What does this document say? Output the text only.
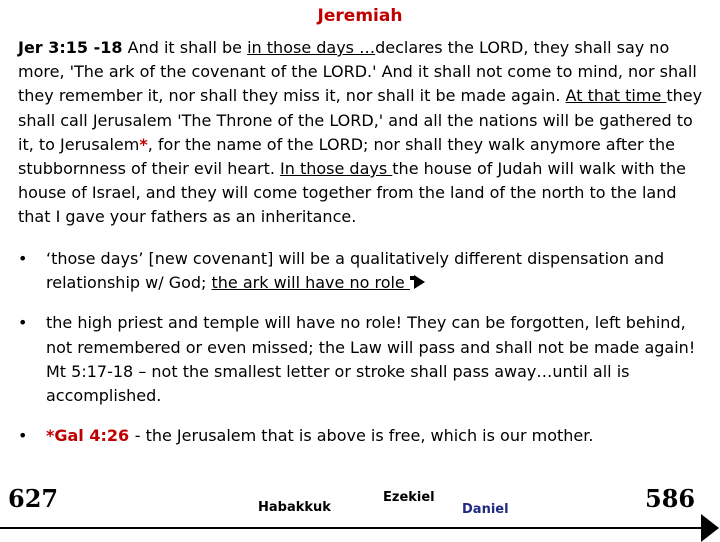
Jeremiah

Jer 3:15 -18 And it shall be in those days …declares the LORD, they shall say no more, 'The ark of the covenant of the LORD.' And it shall not come to mind, nor shall they remember it, nor shall they miss it, nor shall it be made again. At that time they shall call Jerusalem 'The Throne of the LORD,' and all the nations will be gathered to it, to Jerusalem*, for the name of the LORD; nor shall they walk anymore after the stubbornness of their evil heart. In those days the house of Judah will walk with the house of Israel, and they will come together from the land of the north to the land that I gave your fathers as an inheritance.

• ‘those days’ [new covenant] will be a qualitatively different dispensation and relationship w/ God; the ark will have no role
• the high priest and temple will have no role! They can be forgotten, left behind, not remembered or even missed; the Law will pass and shall not be made again! Mt 5:17-18 – not the smallest letter or stroke shall pass away…until all is accomplished.
• *Gal 4:26 - the Jerusalem that is above is free, which is our mother.
627	586
Habakkuk
Ezekiel
Daniel
